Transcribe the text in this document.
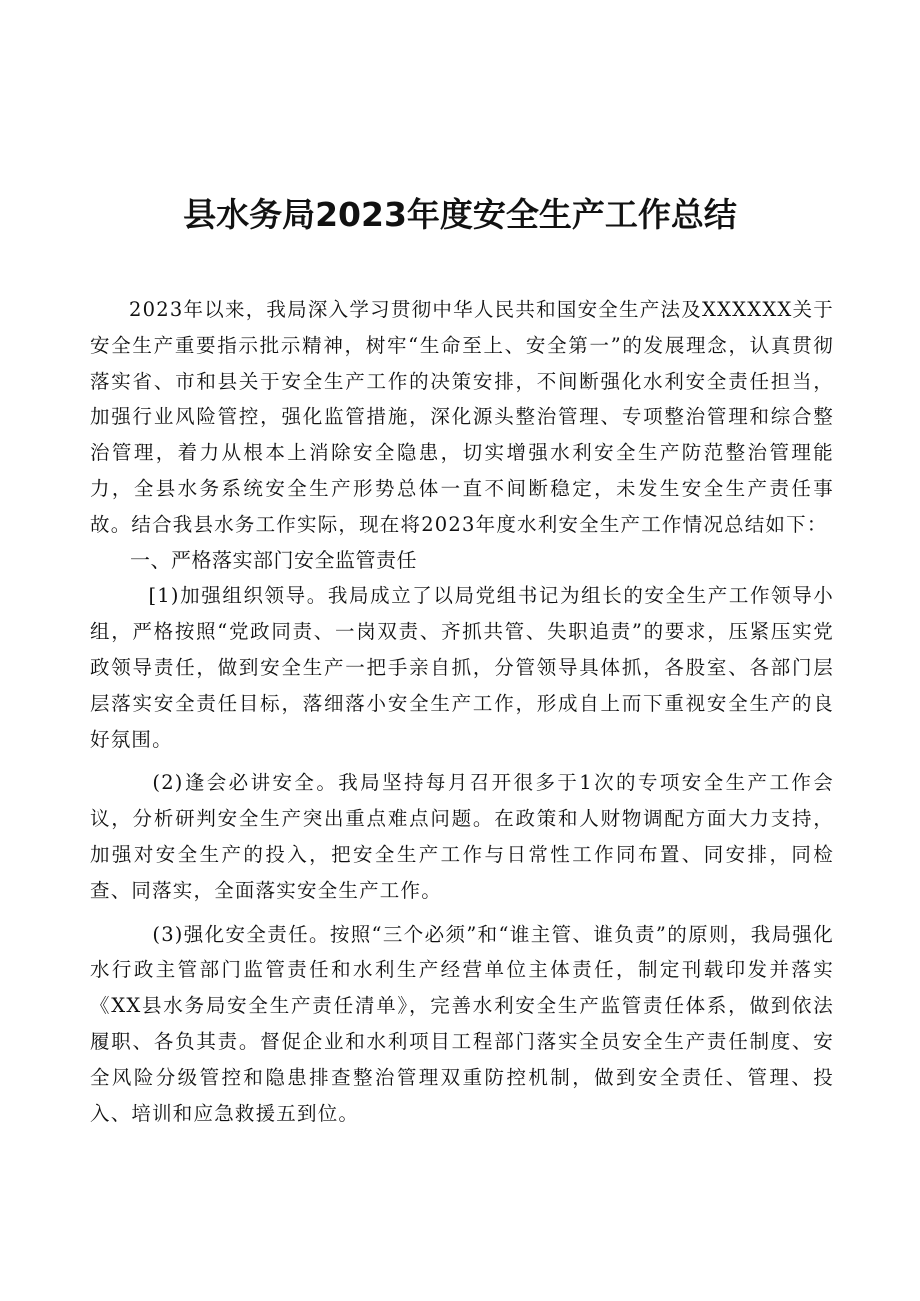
县水务局2023年度安全生产工作总结

2023年以来，我局深入学习贯彻中华人民共和国安全生产法及XXXXXX关于安全生产重要指示批示精神，树牢“生命至上、安全第一”的发展理念，认真贯彻落实省、市和县关于安全生产工作的决策安排，不间断强化水利安全责任担当，加强行业风险管控，强化监管措施，深化源头整治管理、专项整治管理和综合整治管理，着力从根本上消除安全隐患，切实增强水利安全生产防范整治管理能力，全县水务系统安全生产形势总体一直不间断稳定，未发生安全生产责任事故。结合我县水务工作实际，现在将2023年度水利安全生产工作情况总结如下：

一、严格落实部门安全监管责任

[1)加强组织领导。我局成立了以局党组书记为组长的安全生产工作领导小组，严格按照“党政同责、一岗双责、齐抓共管、失职追责”的要求，压紧压实党政领导责任，做到安全生产一把手亲自抓，分管领导具体抓，各股室、各部门层层落实安全责任目标，落细落小安全生产工作，形成自上而下重视安全生产的良好氛围。

(2)逢会必讲安全。我局坚持每月召开很多于1次的专项安全生产工作会议，分析研判安全生产突出重点难点问题。在政策和人财物调配方面大力支持，加强对安全生产的投入，把安全生产工作与日常性工作同布置、同安排，同检查、同落实，全面落实安全生产工作。

(3)强化安全责任。按照“三个必须”和“谁主管、谁负责”的原则，我局强化水行政主管部门监管责任和水利生产经营单位主体责任，制定刊载印发并落实《XX县水务局安全生产责任清单》，完善水利安全生产监管责任体系，做到依法履职、各负其责。督促企业和水利项目工程部门落实全员安全生产责任制度、安全风险分级管控和隐患排查整治管理双重防控机制，做到安全责任、管理、投入、培训和应急救援五到位。
